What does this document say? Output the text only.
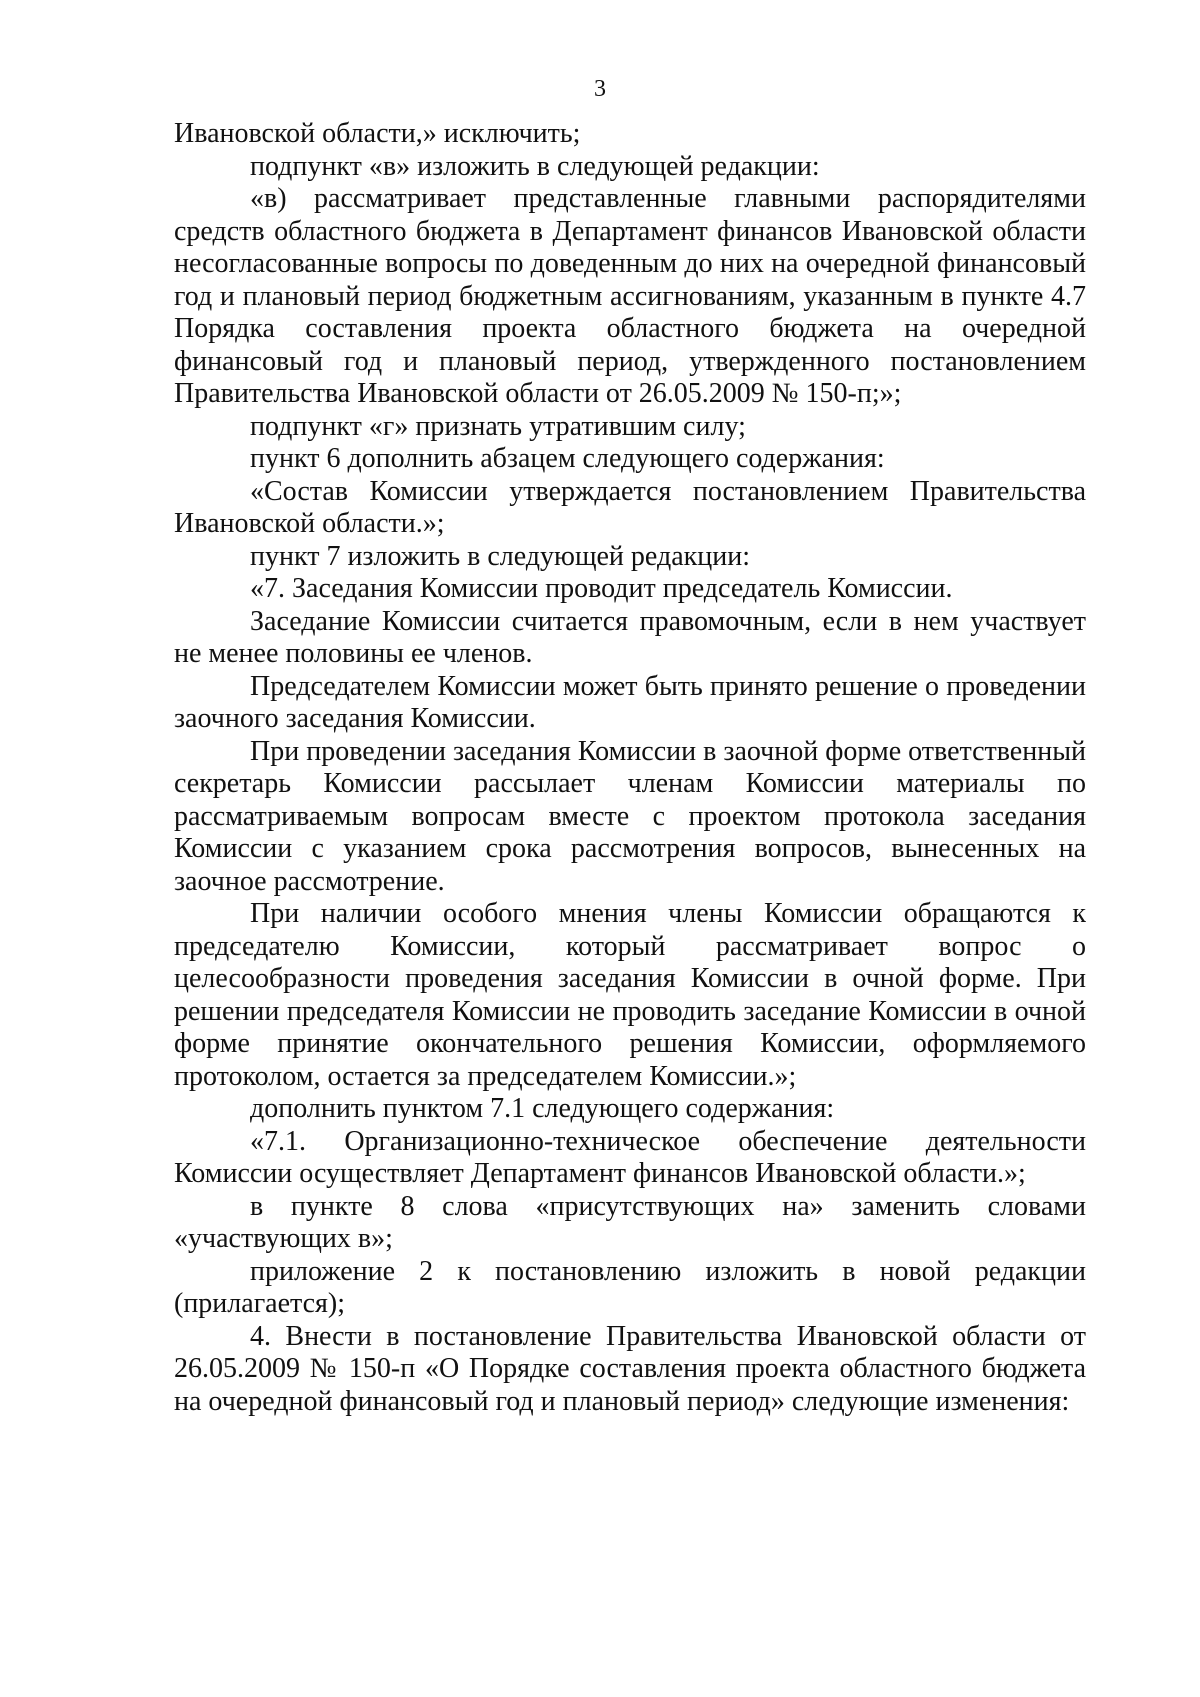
3

Ивановской области,» исключить;

подпункт «в» изложить в следующей редакции:

«в) рассматривает представленные главными распорядителями средств областного бюджета в Департамент финансов Ивановской области несогласованные вопросы по доведенным до них на очередной финансовый год и плановый период бюджетным ассигнованиям, указанным в пункте 4.7 Порядка составления проекта областного бюджета на очередной финансовый год и плановый период, утвержденного постановлением Правительства Ивановской области от 26.05.2009 № 150-п;»;

подпункт «г» признать утратившим силу;

пункт 6 дополнить абзацем следующего содержания:

«Состав Комиссии утверждается постановлением Правительства Ивановской области.»;

пункт 7 изложить в следующей редакции:

«7. Заседания Комиссии проводит председатель Комиссии.

Заседание Комиссии считается правомочным, если в нем участвует не менее половины ее членов.

Председателем Комиссии может быть принято решение о проведении заочного заседания Комиссии.

При проведении заседания Комиссии в заочной форме ответственный секретарь Комиссии рассылает членам Комиссии материалы по рассматриваемым вопросам вместе с проектом протокола заседания Комиссии с указанием срока рассмотрения вопросов, вынесенных на заочное рассмотрение.

При наличии особого мнения члены Комиссии обращаются к председателю Комиссии, который рассматривает вопрос о целесообразности проведения заседания Комиссии в очной форме. При решении председателя Комиссии не проводить заседание Комиссии в очной форме принятие окончательного решения Комиссии, оформляемого протоколом, остается за председателем Комиссии.»;

дополнить пунктом 7.1 следующего содержания:

«7.1. Организационно-техническое обеспечение деятельности Комиссии осуществляет Департамент финансов Ивановской области.»;

в пункте 8 слова «присутствующих на» заменить словами «участвующих в»;

приложение 2 к постановлению изложить в новой редакции (прилагается);

4. Внести в постановление Правительства Ивановской области от 26.05.2009 № 150-п «О Порядке составления проекта областного бюджета на очередной финансовый год и плановый период» следующие изменения:
